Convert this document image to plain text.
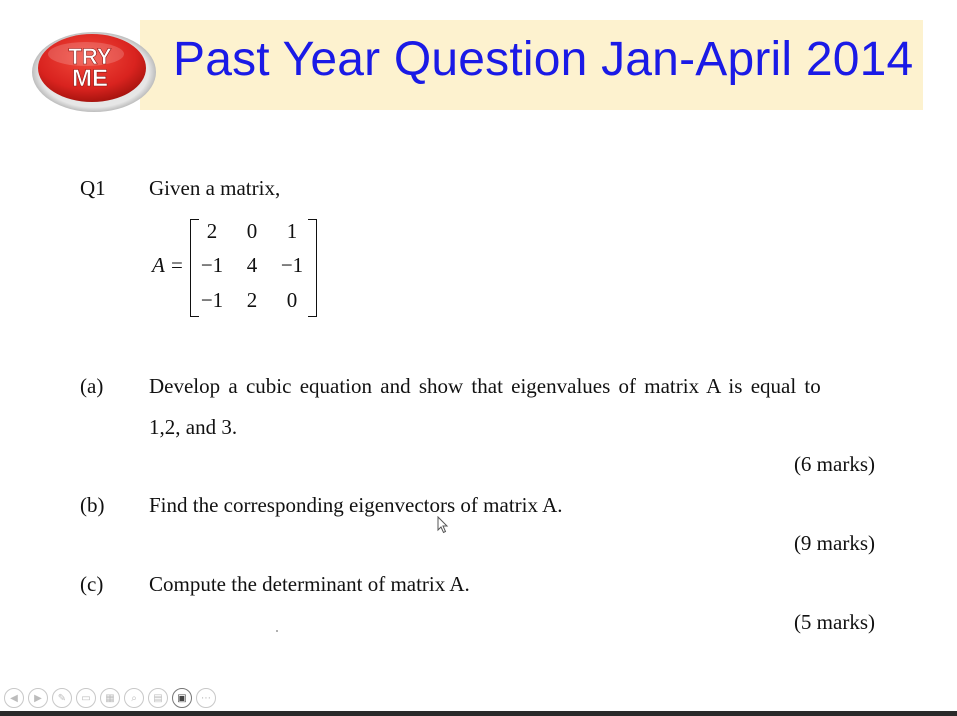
TRY
ME Past Year Question Jan-April 2014
Q1 Given a matrix,
A =
2	0	1
−1	4	−1
−1	2	0
(a) Develop a cubic equation and show that eigenvalues of matrix A is equal to
1,2, and 3.
(6 marks)
(b) Find the corresponding eigenvectors of matrix A.
(9 marks)
(c) Compute the determinant of matrix A.
(5 marks)
◀	▶	✎	▭	▦	⌕	▤	▣	⋯
